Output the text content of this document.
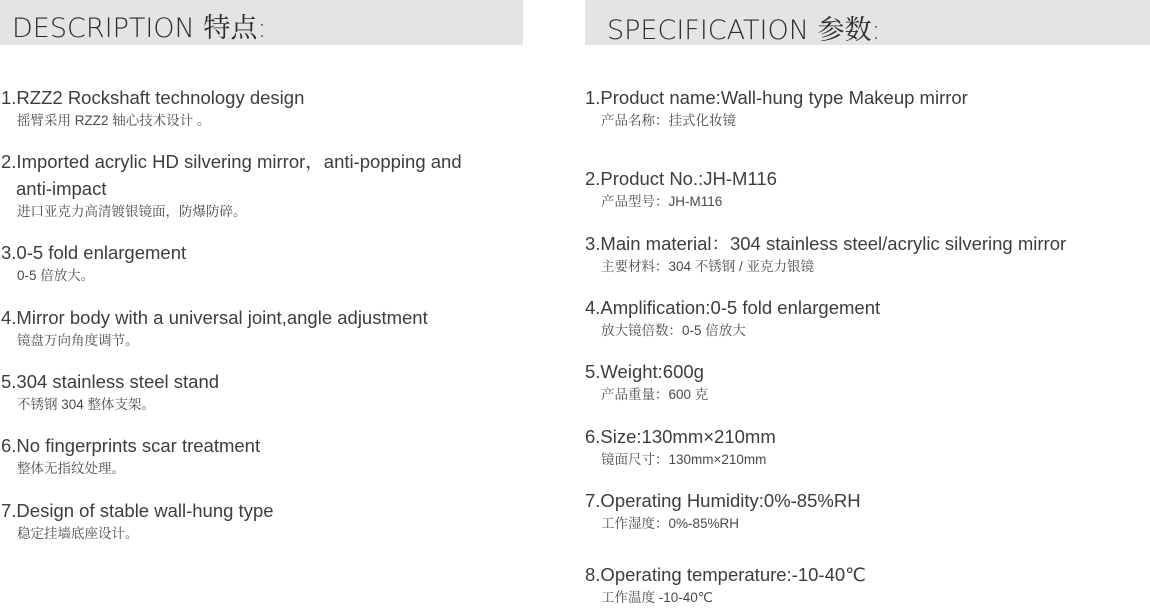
DESCRIPTION 特点:	SPECIFICATION 参数:
1.RZZ2 Rockshaft technology design
摇臂采用 RZZ2 轴心技术设计 。
2.Imported acrylic HD silvering mirror，anti-popping and
anti-impact
进口亚克力高清镀银镜面，防爆防碎。
3.0-5 fold enlargement
0-5 倍放大。
4.Mirror body with a universal joint,angle adjustment
镜盘万向角度调节。
5.304 stainless steel stand
不锈钢 304 整体支架。
6.No fingerprints scar treatment
整体无指纹处理。
7.Design of stable wall-hung type
稳定挂墙底座设计。
1.Product name:Wall-hung type Makeup mirror
产品名称：挂式化妆镜
2.Product No.:JH-M116
产品型号：JH-M116
3.Main material：304 stainless steel/acrylic silvering mirror
主要材料：304 不锈钢 / 亚克力银镜
4.Amplification:0-5 fold enlargement
放大镜倍数：0-5 倍放大
5.Weight:600g
产品重量：600 克
6.Size:130mm×210mm
镜面尺寸：130mm×210mm
7.Operating Humidity:0%-85%RH
工作湿度：0%-85%RH
8.Operating temperature:-10-40℃
工作温度 -10-40℃
